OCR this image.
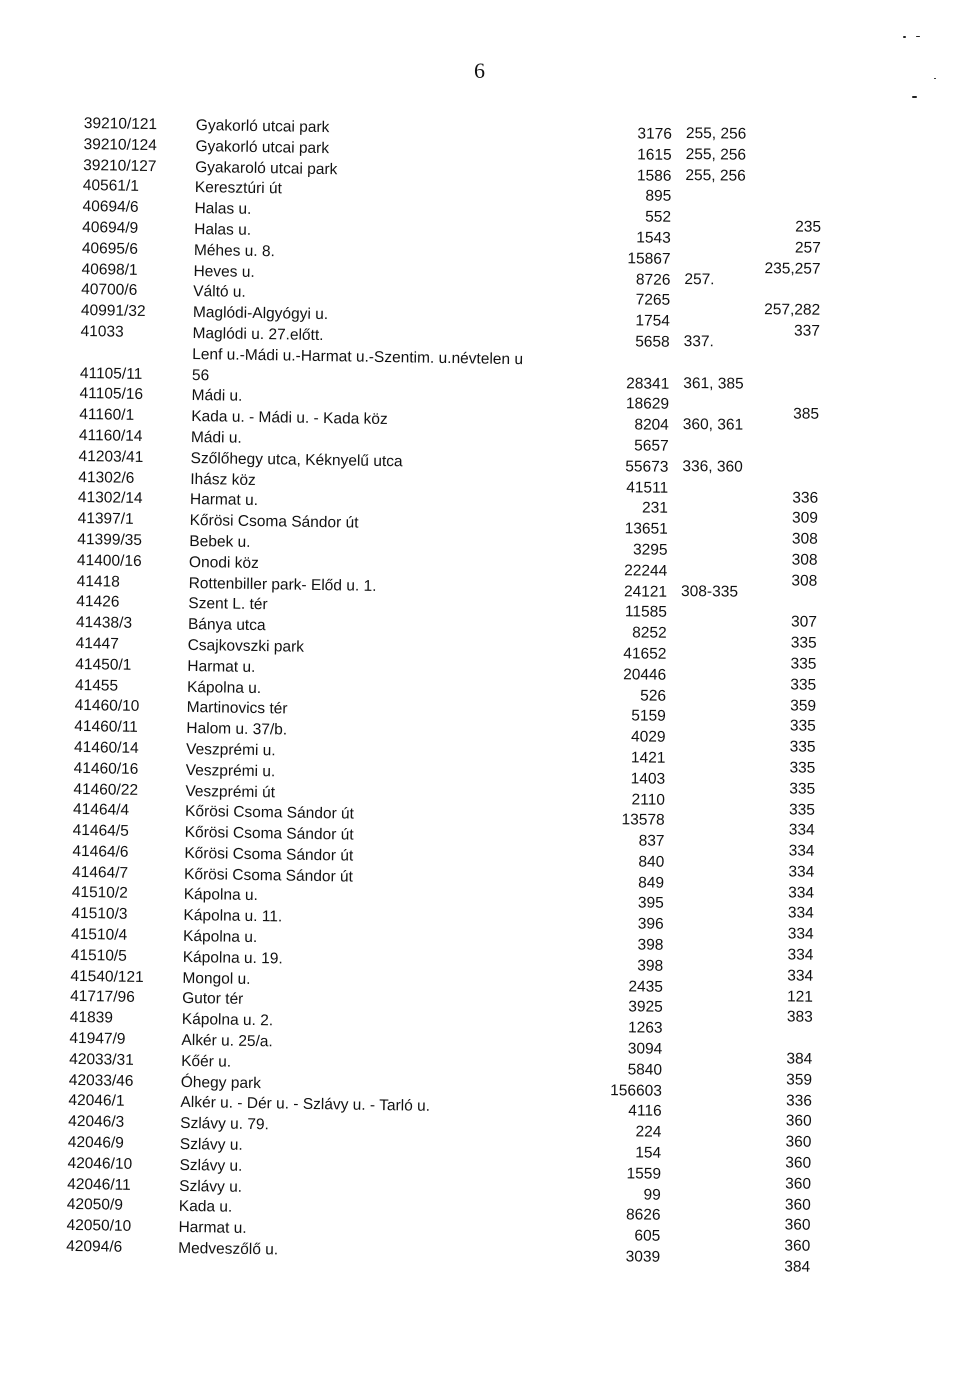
6
39210/121
39210/124
39210/127
40561/1
40694/6
40694/9
40695/6
40698/1
40700/6
40991/32
41033
41105/11
41105/16
41160/1
41160/14
41203/41
41302/6
41302/14
41397/1
41399/35
41400/16
41418
41426
41438/3
41447
41450/1
41455
41460/10
41460/11
41460/14
41460/16
41460/22
41464/4
41464/5
41464/6
41464/7
41510/2
41510/3
41510/4
41510/5
41540/121
41717/96
41839
41947/9
42033/31
42033/46
42046/1
42046/3
42046/9
42046/10
42046/11
42050/9
42050/10
42094/6
Gyakorló utcai park
Gyakorló utcai park
Gyakaroló utcai park
Keresztúri út
Halas u.
Halas u.
Méhes u. 8.
Heves u.
Váltó u.
Maglódi-Algyógyi u.
Maglódi u. 27.előtt.
Lenf u.-Mádi u.-Harmat u.-Szentim. u.névtelen u
56
Mádi u.
Kada u. - Mádi u. - Kada köz
Mádi u.
Szőlőhegy utca, Kéknyelű utca
Ihász köz
Harmat u.
Kőrösi Csoma Sándor út
Bebek u.
Onodi köz
Rottenbiller park- Előd u. 1.
Szent L. tér
Bánya utca
Csajkovszki park
Harmat u.
Kápolna u.
Martinovics tér
Halom u. 37/b.
Veszprémi u.
Veszprémi u.
Veszprémi út
Kőrösi Csoma Sándor út
Kőrösi Csoma Sándor út
Kőrösi Csoma Sándor út
Kőrösi Csoma Sándor út
Kápolna u.
Kápolna u. 11.
Kápolna u.
Kápolna u. 19.
Mongol u.
Gutor tér
Kápolna u. 2.
Alkér u. 25/a.
Kőér u.
Óhegy park
Alkér u. - Dér u. - Szlávy u. - Tarló u.
Szlávy u. 79.
Szlávy u.
Szlávy u.
Szlávy u.
Kada u.
Harmat u.
Medveszőlő u.
3176
1615
1586
895
552
1543
15867
8726
7265
1754
5658
28341
18629
8204
5657
55673
41511
231
13651
3295
22244
24121
11585
8252
41652
20446
526
5159
4029
1421
1403
2110
13578
837
840
849
395
396
398
398
2435
3925
1263
3094
5840
156603
4116
224
154
1559
99
8626
605
3039
255, 256
255, 256
255, 256
257.
337.
361, 385
360, 361
336, 360
308-335
235
257
235,257
257,282
337
385
336
309
308
308
308
307
335
335
335
359
335
335
335
335
335
334
334
334
334
334
334
334
334
121
383
384
359
336
360
360
360
360
360
360
360
384
